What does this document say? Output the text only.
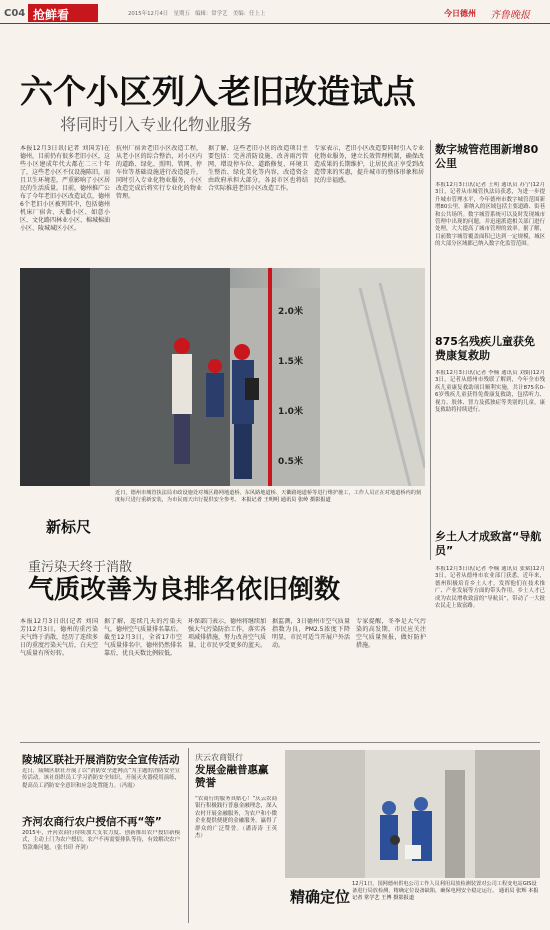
C04 抢鲜看	2015年12月4日　星期五　编辑：常学艺　美编：任上上	今日德州 齐鲁晚报
六个小区列入老旧改造试点
将同时引入专业化物业服务
本报12月3日讯(记者 刘国芳)在德州，目前仍有很多老旧小区，这些小区建成年代大都在二三十年了，这些老小区不仅设施陈旧，而且卫生环境差，严重影响了小区居民的生活质量。目前，德州推广公布了今年老旧小区改造试点，德州6个老旧小区被列其中，包括德州机床厂宿舍、天衢小区、如意小区、文化路四林业小区、棉城棉油小区、陵城城区小区。
抗州厂宿舍老旧小区改造工程，从老小区的综合整治，对小区内的道路、绿化、照明、管网、停车位等基础设施进行改造提升，同时引入专业化物业服务，小区改造完成后将实行专业化的物业管理。
据了解，这些老旧小区的改造项目主要包括：完善消防设施、改善雨污管网、增设停车位、道路修复、环境卫生整治、绿化美化等内容，改造资金由政府承担大部分，各县市区也将结合实际推进老旧小区改造工作。
专家表示，老旧小区改造要同时引入专业化物业服务，建立长效管理机制，确保改造成果的长期维护，让居民真正享受到改造带来的实惠，提升城市的整体形象和居民的幸福感。
2.0米
1.5米
1.0米
0.5米
新标尺
近日，德州市城管执法局市政设施处对城区路网地道桥、东风路地道桥、天衢路地道桥等进行维护施工，工作人员正在对地道桥内的刻度标尺进行重新安装，为市民雨天出行提供安全参考。 本报记者 王明明 通讯员 张岭 摄影报道
数字城管范围新增80公里
本报12月3日讯(记者 王明 通讯员 苏宁)12月3日，记者从市城管执法局获悉，为进一步提升城市管理水平，今年德州市数字城管范围新增80公里，新纳入的区域包括主要道路、街巷和公共场所。数字城管系统可以及时发现城市管理中出现的问题，并迅速派遣相关部门进行处理，大大提高了城市管理的效率。据了解，目前数字城管覆盖面积已达到一定规模，城区的大部分区域都已纳入数字化监管范围。
875名残疾儿童获免费康复救助
本报12月3日讯(记者 李楠 通讯员 刘娟)12月3日，记者从德州市残联了解到，今年全市残疾儿童康复救助项目顺利实施，共计875名0-6岁残疾儿童获得免费康复救助，包括听力、视力、肢体、智力及孤独症等类别的儿童，康复救助将持续进行。
乡土人才成致富“导航员”
本报12月3日讯(记者 李楠 通讯员 张斌)12月3日，记者从德州市农业部门获悉，近年来，德州积极培育乡土人才，发挥他们在技术推广、产业发展等方面的带头作用，乡土人才已成为农民增收致富的“导航员”，带动了一大批农民走上致富路。
重污染天终于消散
气质改善为良排名依旧倒数
本报12月3日讯(记者 刘国芳)12月3日，德州的重污染天气终于消散，经历了连续多日的重度污染天气后，白天空气质量有所好转。
据了解，连续几天的污染天气，德州空气质量排名靠后。截至12月3日，全省17市空气质量排名中，德州仍然排名靠后，优良天数比例较低。
环保部门表示，德州将继续加强大气污染防治工作，落实各项减排措施，努力改善空气质量，让市民享受更多的蓝天。
据监测，3日德州市空气质量指数为良，PM2.5浓度下降明显，市民可适当开展户外活动。
专家提醒，冬季是大气污染的高发期，市民应关注空气质量预报，做好防护措施。
陵城区联社开展消防安全宣传活动
近日，陵城区联社开展了以“消防安全进网点”为主题的消防安全宣传活动。该社组织员工学习消防安全知识，开展灭火器使用演练，提高员工消防安全意识和应急处置能力。（冯霞）
齐河农商行农户授信不再“等”
2015年，齐河农商行持续加大支农力度，创新推出农户授信新模式，主动上门为农户授信，农户不再需要排队等待，有效解决农户贷款难问题。（张书印 齐剑）
庆云农商银行
发展金融普惠赢赞誉
“农商行的服务真贴心！”庆云农商银行积极践行普惠金融理念，深入农村开展金融服务，为农户和小微企业提供便捷的金融服务，赢得了群众的广泛赞誉。（潘涛涛 王英杰）
精确定位
12月1日，国网德州供电公司工作人员利用局放检测装置对公司工程变电站GIS设备进行局放检测，精确定位设备缺陷，确保电网安全稳定运行。 通讯员 张辉 本报记者 常学艺 王博 摄影报道
